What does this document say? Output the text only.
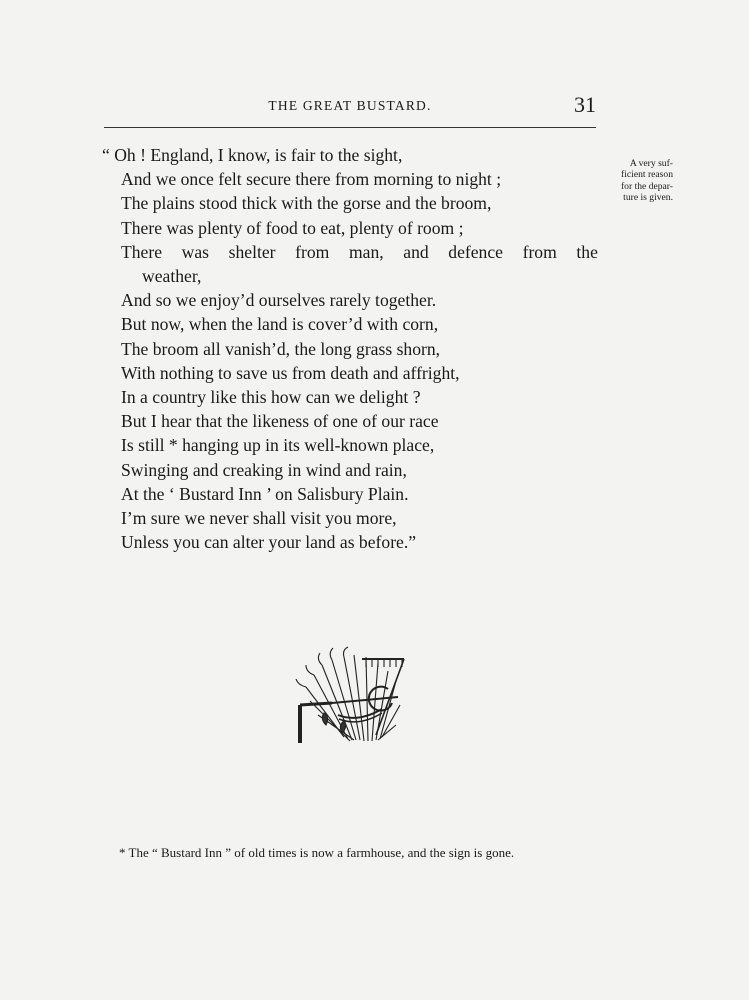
THE GREAT BUSTARD.	31
“ Oh ! England, I know, is fair to the sight,
And we once felt secure there from morning to night ;
The plains stood thick with the gorse and the broom,
There was plenty of food to eat, plenty of room ;
There was shelter from man, and defence from the
weather,
And so we enjoy’d ourselves rarely together.
But now, when the land is cover’d with corn,
The broom all vanish’d, the long grass shorn,
With nothing to save us from death and affright,
In a country like this how can we delight ?
But I hear that the likeness of one of our race
Is still * hanging up in its well-known place,
Swinging and creaking in wind and rain,
At the ‘ Bustard Inn ’ on Salisbury Plain.
I’m sure we never shall visit you more,
Unless you can alter your land as before.”
A very suf-
ficient reason
for the depar-
ture is given.
* The “ Bustard Inn ” of old times is now a farmhouse, and the sign is gone.
